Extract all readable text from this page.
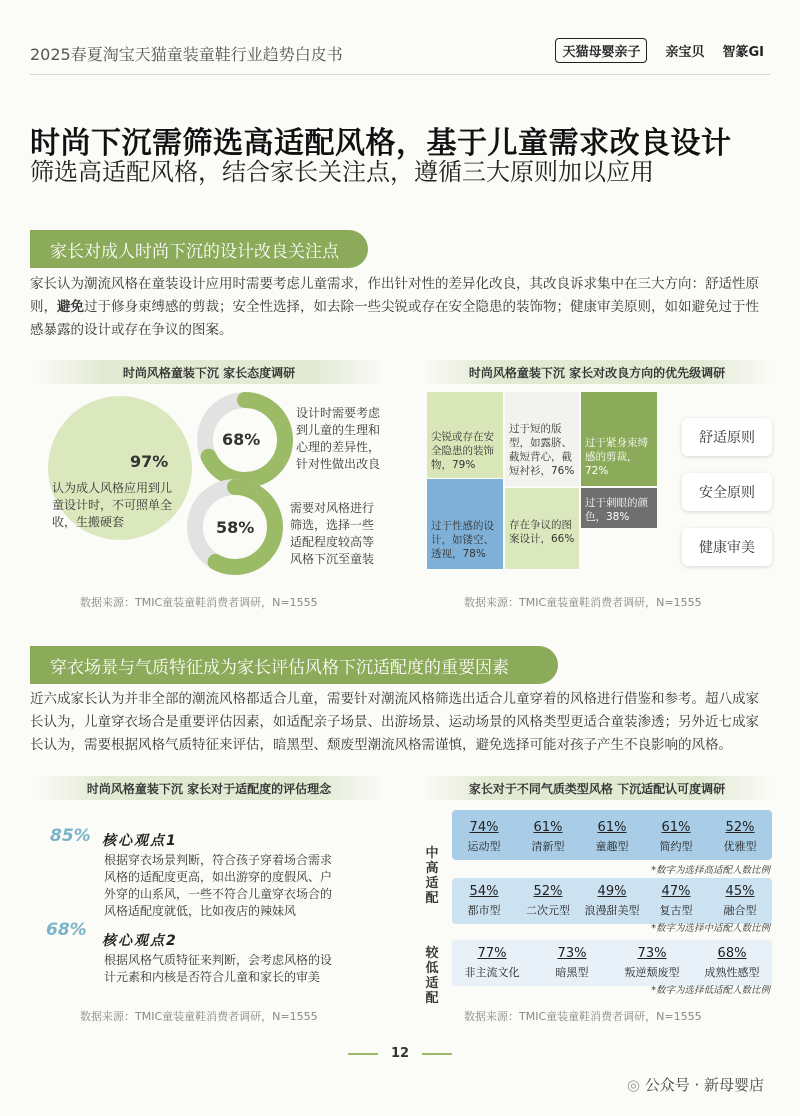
2025春夏淘宝天猫童装童鞋行业趋势白皮书	天猫母婴亲子	亲宝贝 智篆GI
时尚下沉需筛选高适配风格，基于儿童需求改良设计
筛选高适配风格，结合家长关注点，遵循三大原则加以应用
家长对成人时尚下沉的设计改良关注点
家长认为潮流风格在童装设计应用时需要考虑儿童需求，作出针对性的差异化改良，其改良诉求集中在三大方向：舒适性原则，避免过于修身束缚感的剪裁；安全性选择，如去除一些尖锐或存在安全隐患的装饰物；健康审美原则，如如避免过于性感暴露的设计或存在争议的图案。
时尚风格童装下沉 家长态度调研
97%
认为成人风格应用到儿童设计时，不可照单全收，生搬硬套
68%
设计时需要考虑到儿童的生理和心理的差异性，针对性做出改良
58%
需要对风格进行筛选，选择一些适配程度较高等风格下沉至童装
数据来源：TMIC童装童鞋消费者调研，N=1555
时尚风格童装下沉 家长对改良方向的优先级调研
尖锐或存在安全隐患的装饰物，79%
过于性感的设计，如镂空、透视，78%
过于短的版型，如露脐、截短背心，截短衬衫，76%
存在争议的图案设计，66%
过于紧身束缚感的剪裁，72%
过于刺眼的颜色，38%
舒适原则
安全原则
健康审美
数据来源：TMIC童装童鞋消费者调研，N=1555
穿衣场景与气质特征成为家长评估风格下沉适配度的重要因素
近六成家长认为并非全部的潮流风格都适合儿童，需要针对潮流风格筛选出适合儿童穿着的风格进行借鉴和参考。超八成家长认为，儿童穿衣场合是重要评估因素，如适配亲子场景、出游场景、运动场景的风格类型更适合童装渗透；另外近七成家长认为，需要根据风格气质特征来评估，暗黑型、颓废型潮流风格需谨慎，避免选择可能对孩子产生不良影响的风格。
时尚风格童装下沉 家长对于适配度的评估理念
85% 核心观点1
根据穿衣场景判断，符合孩子穿着场合需求风格的适配度更高，如出游穿的度假风、户外穿的山系风，一些不符合儿童穿衣场合的风格适配度就低，比如夜店的辣妹风
68%
核心观点2
根据风格气质特征来判断，会考虑风格的设计元素和内核是否符合儿童和家长的审美
数据来源：TMIC童装童鞋消费者调研，N=1555
家长对于不同气质类型风格 下沉适配认可度调研
中高适配
较低适配
74%
运动型
61%
清新型
61%
童趣型
61%
简约型
52%
优雅型
*数字为选择高适配人数比例
54%
都市型
52%
二次元型
49%
浪漫甜美型
47%
复古型
45%
融合型
*数字为选择中适配人数比例
77%
非主流文化
73%
暗黑型
73%
叛逆颓废型
68%
成熟性感型
*数字为选择低适配人数比例
数据来源：TMIC童装童鞋消费者调研，N=1555
12
◎ 公众号 · 新母婴店
